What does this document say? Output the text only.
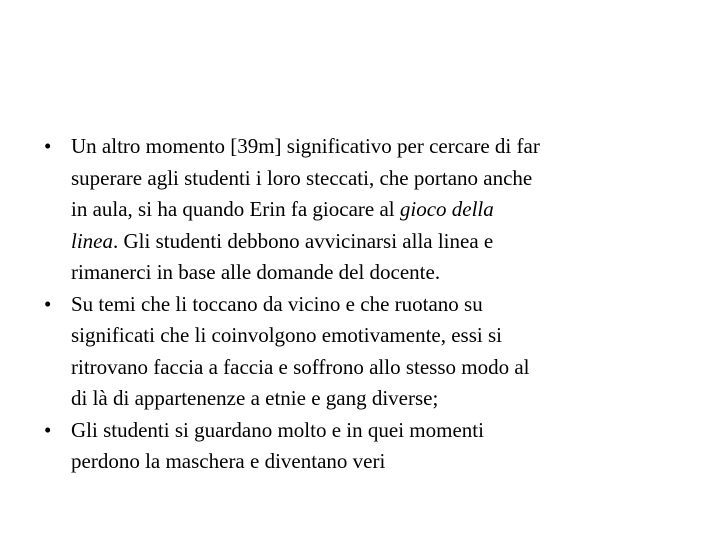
• Un altro momento [39m] significativo per cercare di far
superare agli studenti i loro steccati, che portano anche
in aula, si ha quando Erin fa giocare al gioco della
linea. Gli studenti debbono avvicinarsi alla linea e
rimanerci in base alle domande del docente.
• Su temi che li toccano da vicino e che ruotano su
significati che li coinvolgono emotivamente, essi si
ritrovano faccia a faccia e soffrono allo stesso modo al
di là di appartenenze a etnie e gang diverse;
• Gli studenti si guardano molto e in quei momenti
perdono la maschera e diventano veri
